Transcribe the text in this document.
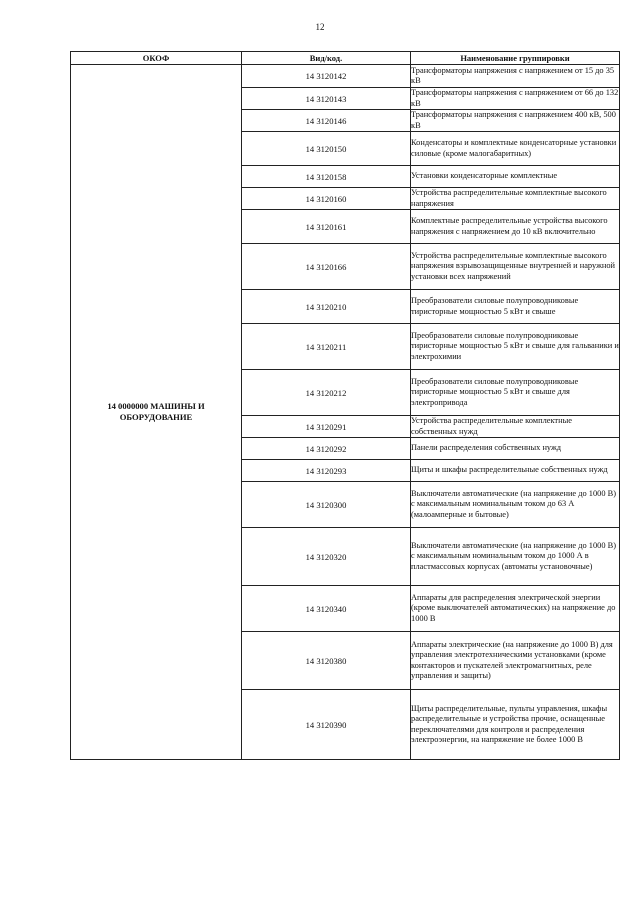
12
ОКОФ	Вид/код.	Наименование группировки
14 0000000 МАШИНЫ И ОБОРУДОВАНИЕ	14 3120142	Трансформаторы напряжения с напряжением от 15 до 35 кВ
	14 3120143	Трансформаторы напряжения с напряжением от 66 до 132 кВ
	14 3120146	Трансформаторы напряжения с напряжением 400 кВ, 500 кВ
	14 3120150	Конденсаторы и комплектные конденсаторные установки силовые (кроме малогабаритных)
	14 3120158	Установки конденсаторные комплектные
	14 3120160	Устройства распределительные комплектные высокого напряжения
	14 3120161	Комплектные распределительные устройства высокого напряжения с напряжением до 10 кВ включительно
	14 3120166	Устройства распределительные комплектные высокого напряжения взрывозащищенные внутренней и наружной установки всех напряжений
	14 3120210	Преобразователи силовые полупроводниковые тиристорные мощностью 5 кВт и свыше
	14 3120211	Преобразователи силовые полупроводниковые тиристорные мощностью 5 кВт и свыше для гальваники и электрохимии
	14 3120212	Преобразователи силовые полупроводниковые тиристорные мощностью 5 кВт и свыше для электропривода
	14 3120291	Устройства распределительные комплектные собственных нужд
	14 3120292	Панели распределения собственных нужд
	14 3120293	Щиты и шкафы распределительные собственных нужд
	14 3120300	Выключатели автоматические (на напряжение до 1000 В) с максимальным номинальным током до 63 А (малоамперные и бытовые)
	14 3120320	Выключатели автоматические (на напряжение до 1000 В) с максимальным номинальным током до 1000 А в пластмассовых корпусах (автоматы установочные)
	14 3120340	Аппараты для распределения электрической энергии (кроме выключателей автоматических) на напряжение до 1000 В
	14 3120380	Аппараты электрические (на напряжение до 1000 В) для управления электротехническими установками (кроме контакторов и пускателей электромагнитных, реле управления и защиты)
	14 3120390	Щиты распределительные, пульты управления, шкафы распределительные и устройства прочие, оснащенные переключателями для контроля и распределения электроэнергии, на напряжение не более 1000 В
